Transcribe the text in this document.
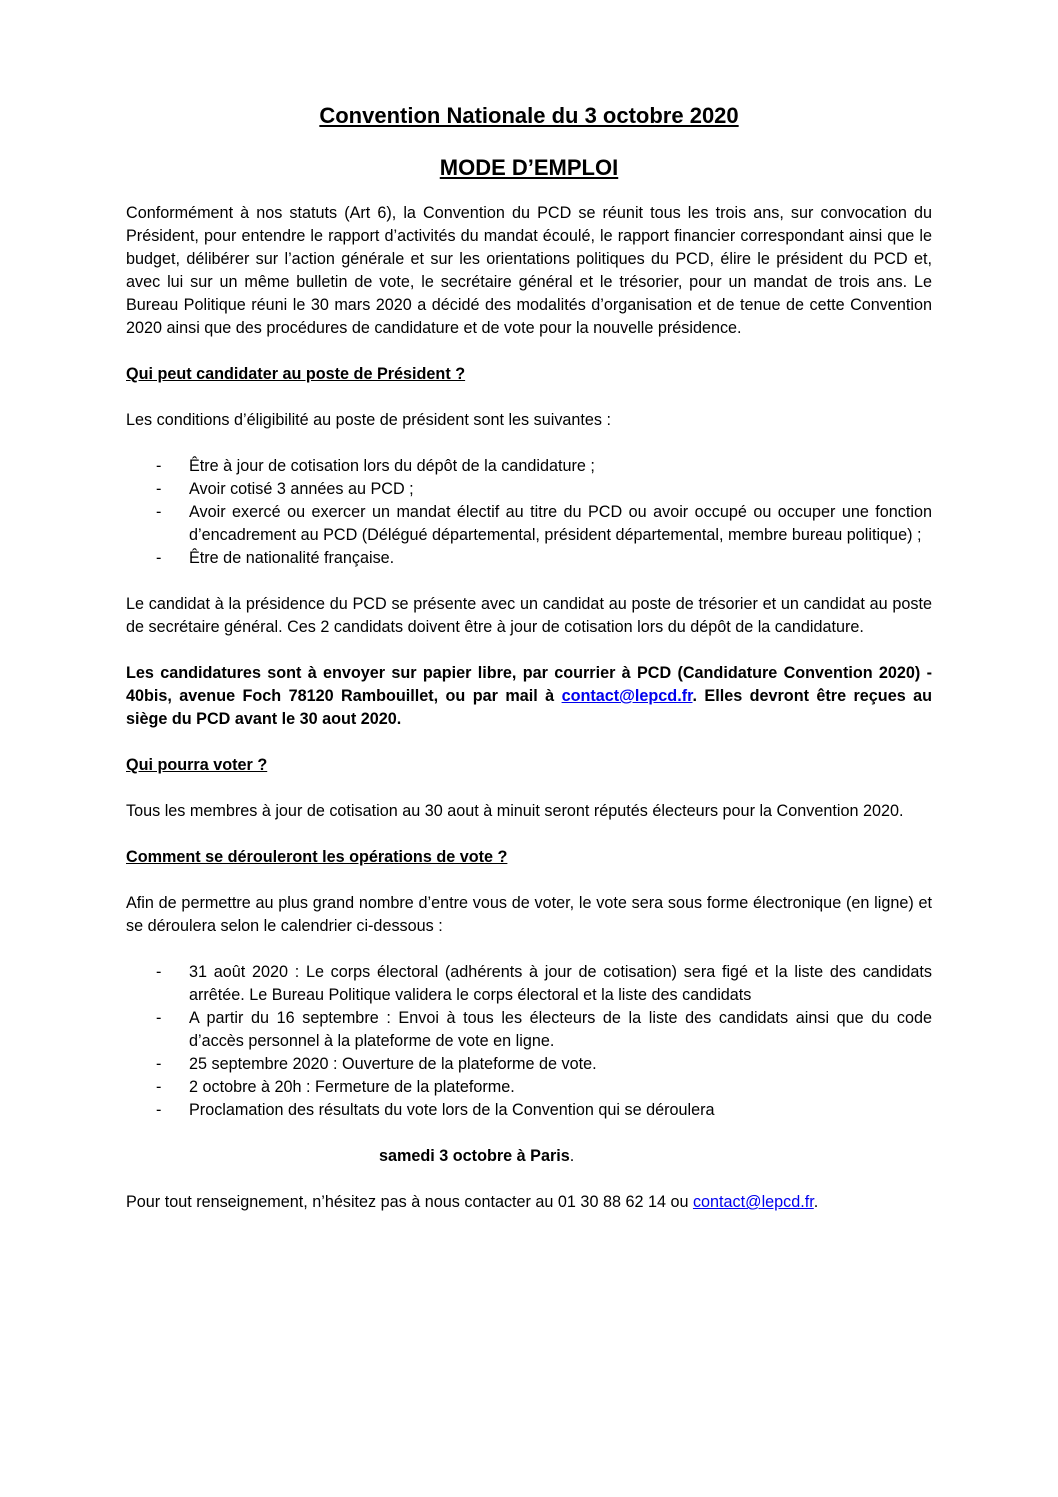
Convention Nationale du 3 octobre 2020
MODE D’EMPLOI

Conformément à nos statuts (Art 6), la Convention du PCD se réunit tous les trois ans, sur convocation du Président, pour entendre le rapport d’activités du mandat écoulé, le rapport financier correspondant ainsi que le budget, délibérer sur l’action générale et sur les orientations politiques du PCD, élire le président du PCD et, avec lui sur un même bulletin de vote, le secrétaire général et le trésorier, pour un mandat de trois ans. Le Bureau Politique réuni le 30 mars 2020 a décidé des modalités d’organisation et de tenue de cette Convention 2020 ainsi que des procédures de candidature et de vote pour la nouvelle présidence.

Qui peut candidater au poste de Président ?

Les conditions d’éligibilité au poste de président sont les suivantes :

- Être à jour de cotisation lors du dépôt de la candidature ;
- Avoir cotisé 3 années au PCD ;
- Avoir exercé ou exercer un mandat électif au titre du PCD ou avoir occupé ou occuper une fonction d’encadrement au PCD (Délégué départemental, président départemental, membre bureau politique) ;
- Être de nationalité française.

Le candidat à la présidence du PCD se présente avec un candidat au poste de trésorier et un candidat au poste de secrétaire général. Ces 2 candidats doivent être à jour de cotisation lors du dépôt de la candidature.

Les candidatures sont à envoyer sur papier libre, par courrier à PCD (Candidature Convention 2020) - 40bis, avenue Foch 78120 Rambouillet, ou par mail à contact@lepcd.fr. Elles devront être reçues au siège du PCD avant le 30 aout 2020.

Qui pourra voter ?

Tous les membres à jour de cotisation au 30 aout à minuit seront réputés électeurs pour la Convention 2020.

Comment se dérouleront les opérations de vote ?

Afin de permettre au plus grand nombre d’entre vous de voter, le vote sera sous forme électronique (en ligne) et se déroulera selon le calendrier ci-dessous :

- 31 août 2020 : Le corps électoral (adhérents à jour de cotisation) sera figé et la liste des candidats arrêtée. Le Bureau Politique validera le corps électoral et la liste des candidats
- A partir du 16 septembre : Envoi à tous les électeurs de la liste des candidats ainsi que du code d’accès personnel à la plateforme de vote en ligne.
- 25 septembre 2020 : Ouverture de la plateforme de vote.
- 2 octobre à 20h : Fermeture de la plateforme.
- Proclamation des résultats du vote lors de la Convention qui se déroulera

samedi 3 octobre à Paris.

Pour tout renseignement, n’hésitez pas à nous contacter au 01 30 88 62 14 ou contact@lepcd.fr.
